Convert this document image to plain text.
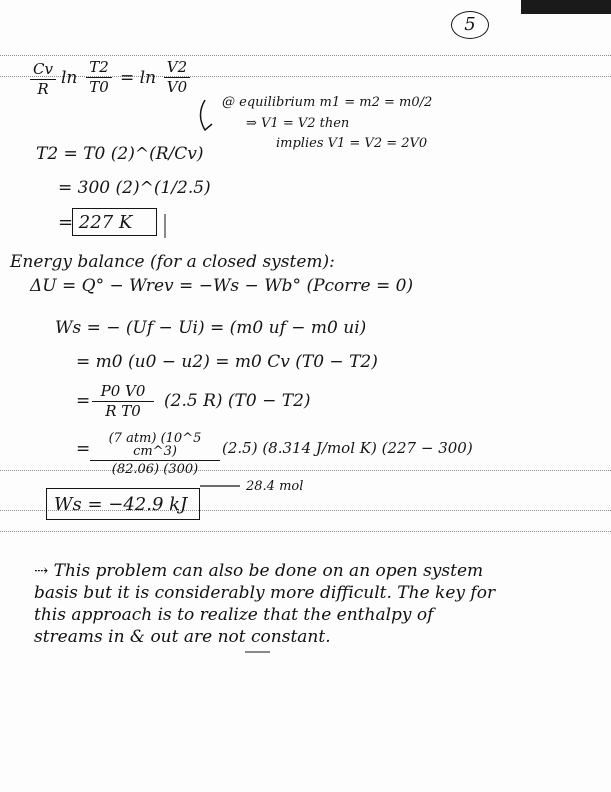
5
Cv
R
ln
T2
T0 = ln
V2
V0
@ equilibrium m1 = m2 = m0/2
⇒ V1 = V2 then
implies V1 = V2 = 2V0
T2 = T0 (2)^(R/Cv)
= 300 (2)^(1/2.5)
= 227 K
Energy balance (for a closed system):
ΔU = Q° − Wrev = −Ws − Wb° (Pcorre = 0)
Ws = − (Uf − Ui) = (m0 uf − m0 ui)
= m0 (u0 − u2) = m0 Cv (T0 − T2)
= P0 V0
R T0	(2.5 R) (T0 − T2)
=
(7 atm) (10^5 cm^3)
(82.06) (300)
(2.5) (8.314 J/mol K) (227 − 300)
28.4 mol
Ws = −42.9 kJ
⇢ This problem can also be done on an open system basis but it is considerably more difficult. The key for this approach is to realize that the enthalpy of streams in & out are not constant.
